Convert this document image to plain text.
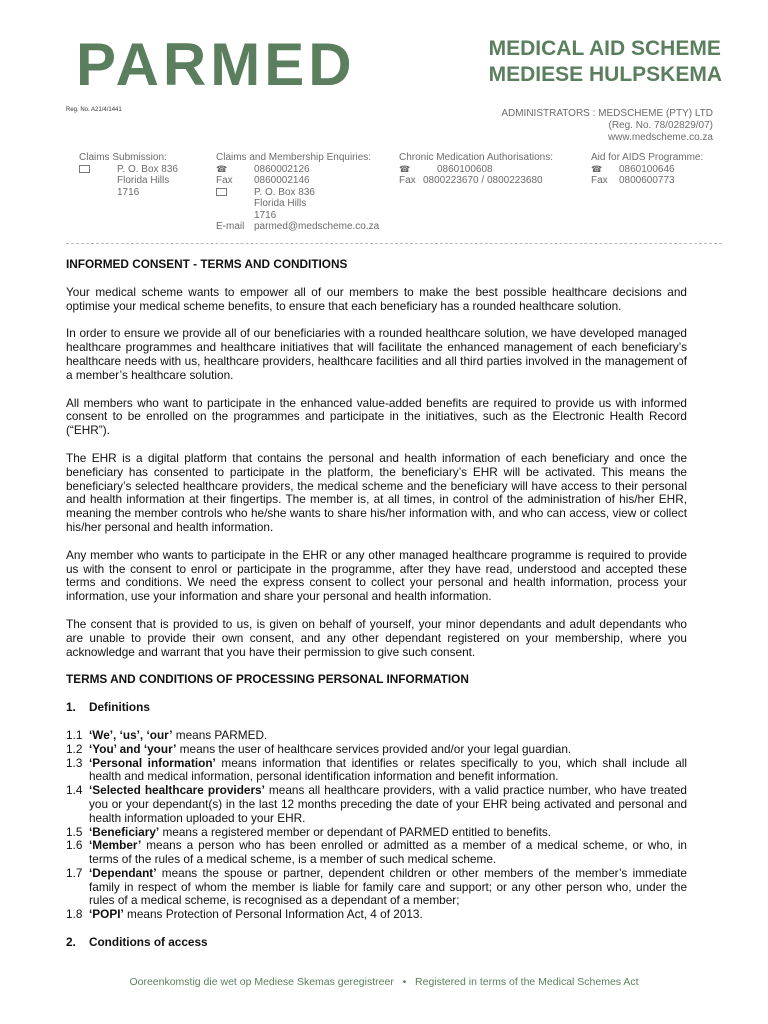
PARMED	MEDICAL AID SCHEME
MEDIESE HULPSKEMA
Reg. No. A21/4/1441	ADMINISTRATORS : MEDSCHEME (PTY) LTD
(Reg. No. 78/02829/07)
www.medscheme.co.za
Claims Submission:
P. O. Box 836
Florida Hills
1716
Claims and Membership Enquiries:
☎	0860002126
Fax	0860002146
P. O. Box 836
Florida Hills
1716
E-mail parmed@medscheme.co.za
Chronic Medication Authorisations:
☎	0860100608
Fax 0800223670 / 0800223680
Aid for AIDS Programme:
☎	0860100646
Fax	0800600773
INFORMED CONSENT - TERMS AND CONDITIONS

Your medical scheme wants to empower all of our members to make the best possible healthcare decisions and optimise your medical scheme benefits, to ensure that each beneficiary has a rounded healthcare solution.

In order to ensure we provide all of our beneficiaries with a rounded healthcare solution, we have developed managed healthcare programmes and healthcare initiatives that will facilitate the enhanced management of each beneficiary’s healthcare needs with us, healthcare providers, healthcare facilities and all third parties involved in the management of a member’s healthcare solution.

All members who want to participate in the enhanced value-added benefits are required to provide us with informed consent to be enrolled on the programmes and participate in the initiatives, such as the Electronic Health Record (“EHR”).

The EHR is a digital platform that contains the personal and health information of each beneficiary and once the beneficiary has consented to participate in the platform, the beneficiary’s EHR will be activated. This means the beneficiary’s selected healthcare providers, the medical scheme and the beneficiary will have access to their personal and health information at their fingertips. The member is, at all times, in control of the administration of his/her EHR, meaning the member controls who he/she wants to share his/her information with, and who can access, view or collect his/her personal and health information.

Any member who wants to participate in the EHR or any other managed healthcare programme is required to provide us with the consent to enrol or participate in the programme, after they have read, understood and accepted these terms and conditions. We need the express consent to collect your personal and health information, process your information, use your information and share your personal and health information.

The consent that is provided to us, is given on behalf of yourself, your minor dependants and adult dependants who are unable to provide their own consent, and any other dependant registered on your membership, where you acknowledge and warrant that you have their permission to give such consent.

TERMS AND CONDITIONS OF PROCESSING PERSONAL INFORMATION
1.    Definitions
1.1 ‘We’, ‘us’, ‘our’ means PARMED.
1.2 ‘You’ and ‘your’ means the user of healthcare services provided and/or your legal guardian.
1.3 ‘Personal information’ means information that identifies or relates specifically to you, which shall include all health and medical information, personal identification information and benefit information.
1.4 ‘Selected healthcare providers’ means all healthcare providers, with a valid practice number, who have treated you or your dependant(s) in the last 12 months preceding the date of your EHR being activated and personal and health information uploaded to your EHR.
1.5 ‘Beneficiary’ means a registered member or dependant of PARMED entitled to benefits.
1.6 ‘Member’ means a person who has been enrolled or admitted as a member of a medical scheme, or who, in terms of the rules of a medical scheme, is a member of such medical scheme.
1.7 ‘Dependant’ means the spouse or partner, dependent children or other members of the member’s immediate family in respect of whom the member is liable for family care and support; or any other person who, under the rules of a medical scheme, is recognised as a dependant of a member;
1.8 ‘POPI’ means Protection of Personal Information Act, 4 of 2013.
2.    Conditions of access
Ooreenkomstig die wet op Mediese Skemas geregistreer • Registered in terms of the Medical Schemes Act
